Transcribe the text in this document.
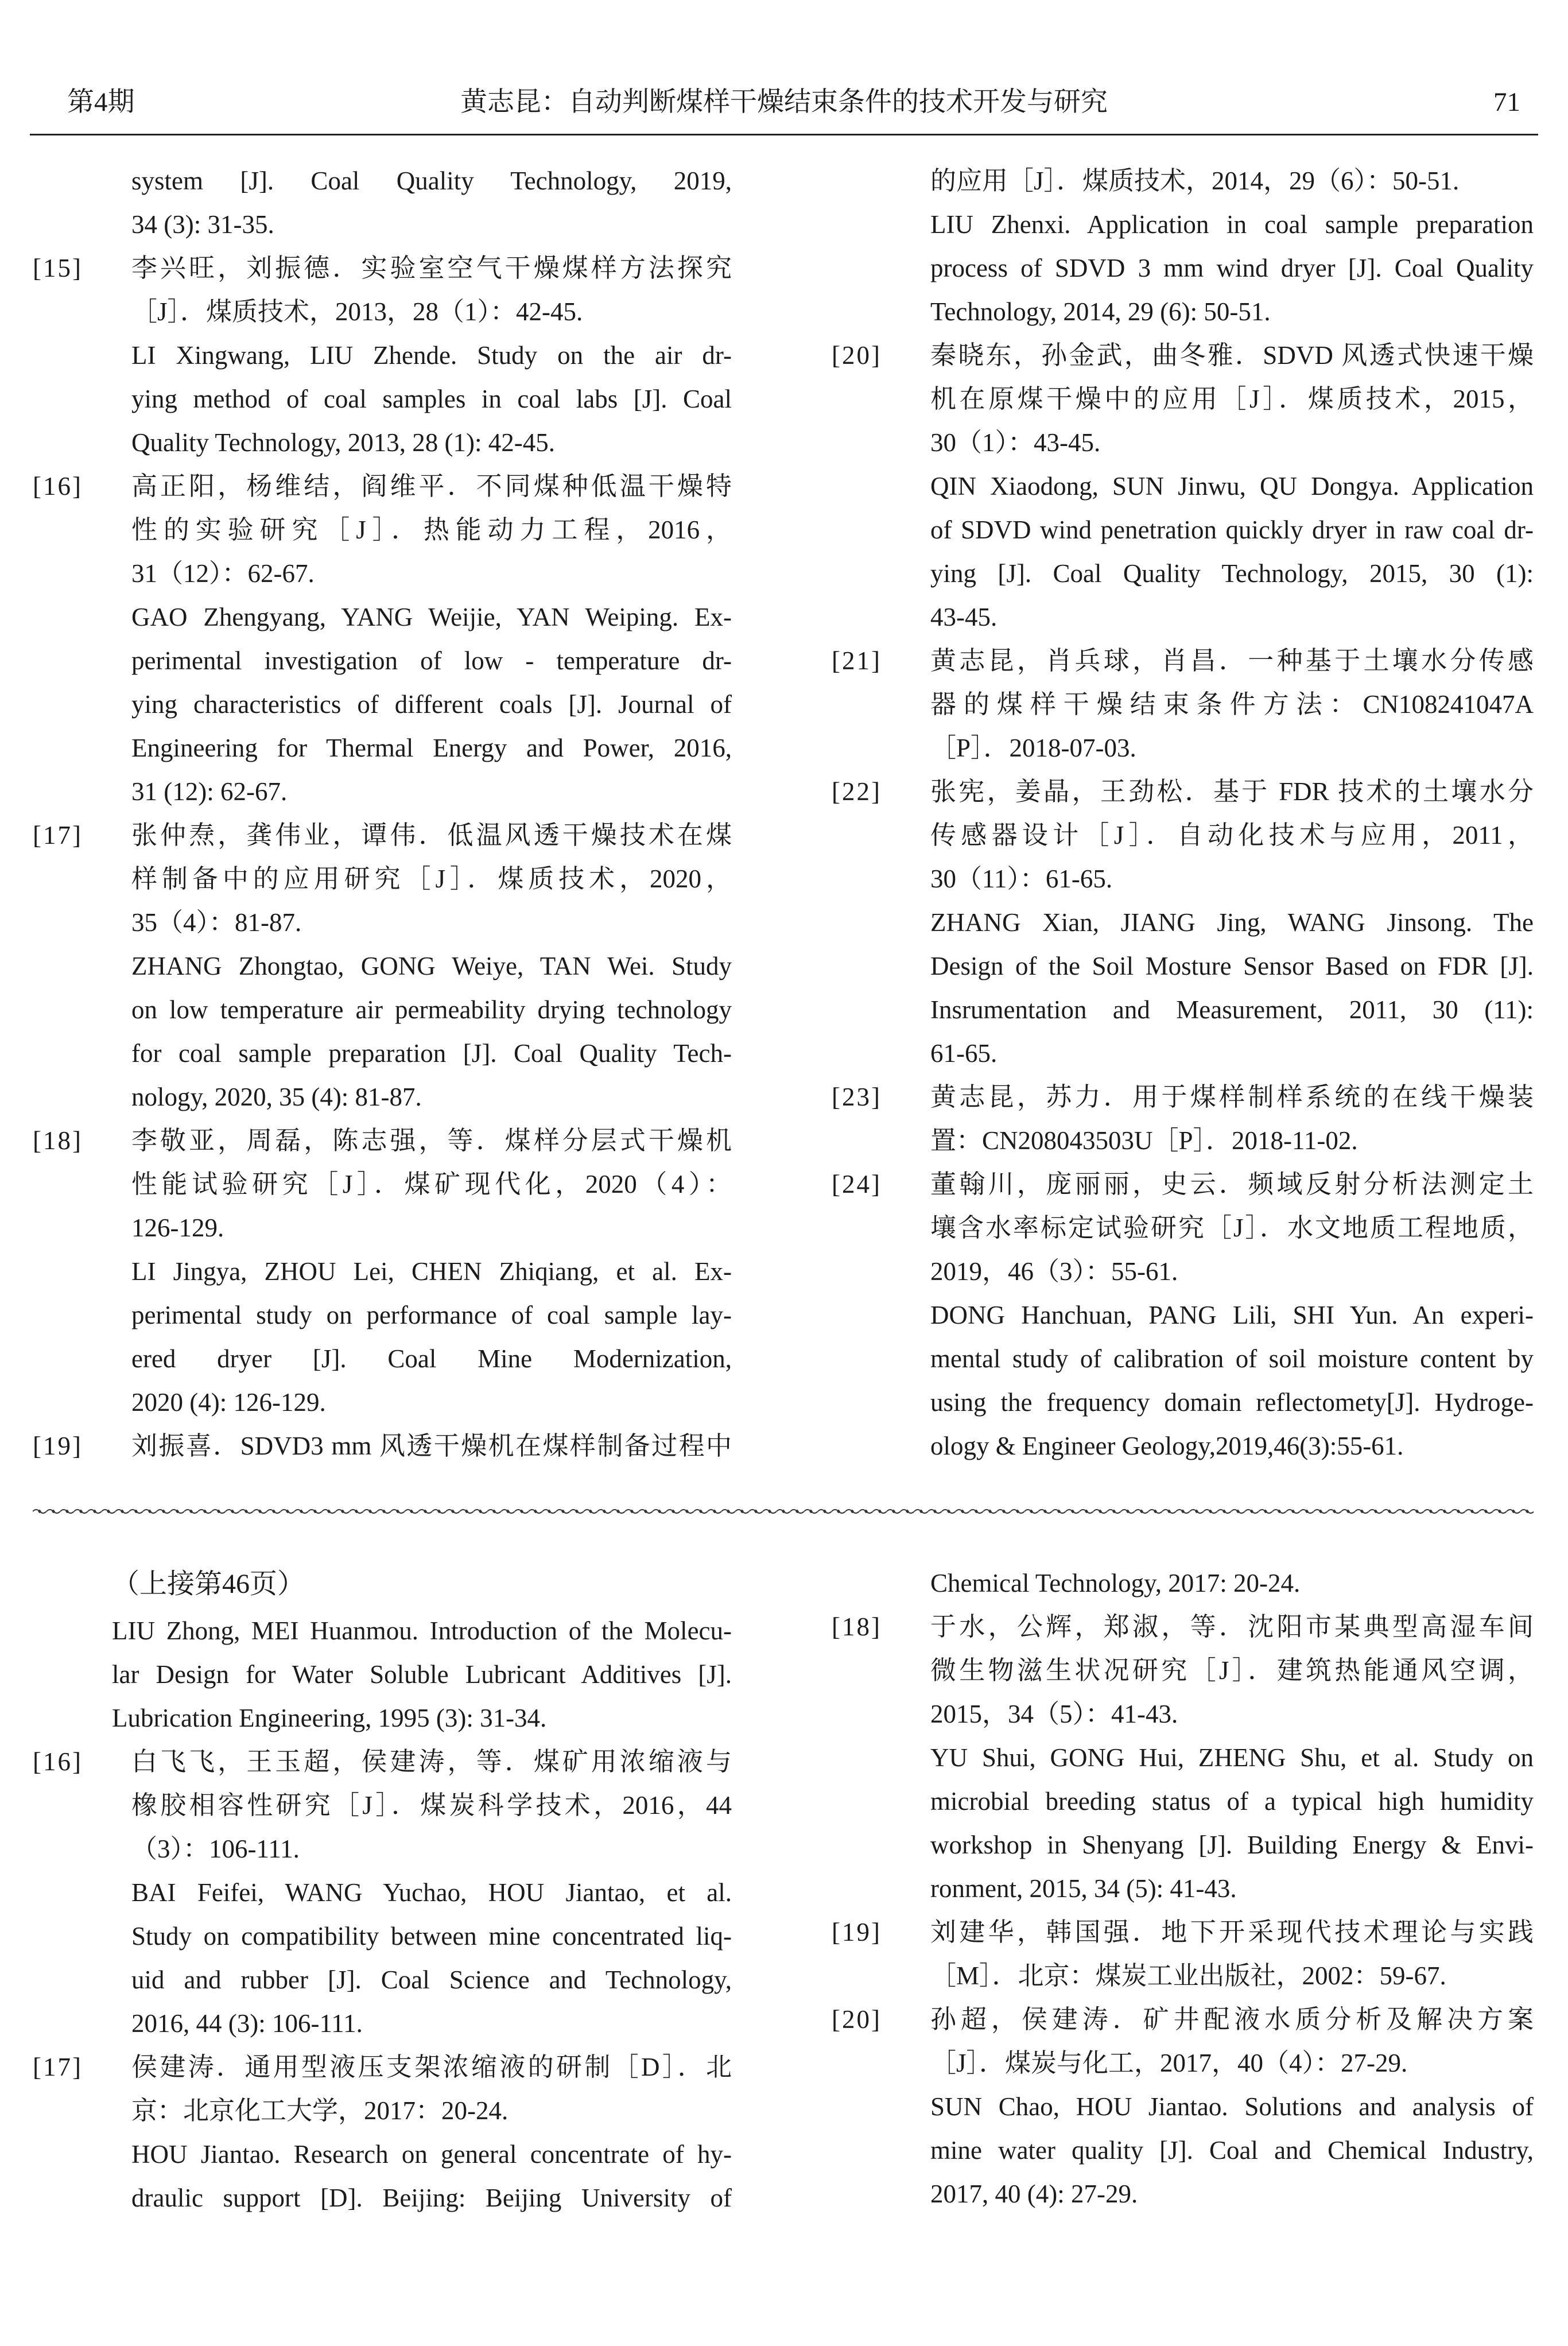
第4期	黄志昆：自动判断煤样干燥结束条件的技术开发与研究	71
system [J]. Coal Quality Technology, 2019,
34 (3): 31-35.
[15]	李兴旺，刘振德．实验室空气干燥煤样方法探究
［J］．煤质技术，2013，28（1）：42-45.
LI Xingwang, LIU Zhende. Study on the air dr-
ying method of coal samples in coal labs [J]. Coal
Quality Technology, 2013, 28 (1): 42-45.
[16]	高正阳，杨维结，阎维平．不同煤种低温干燥特
性的实验研究［J］．热能动力工程，2016，
31（12）：62-67.
GAO Zhengyang, YANG Weijie, YAN Weiping. Ex-
perimental investigation of low - temperature dr-
ying characteristics of different coals [J]. Journal of
Engineering for Thermal Energy and Power, 2016,
31 (12): 62-67.
[17]	张仲焘，龚伟业，谭伟．低温风透干燥技术在煤
样制备中的应用研究［J］．煤质技术，2020，
35（4）：81-87.
ZHANG Zhongtao, GONG Weiye, TAN Wei. Study
on low temperature air permeability drying technology
for coal sample preparation [J]. Coal Quality Tech-
nology, 2020, 35 (4): 81-87.
[18]	李敬亚，周磊，陈志强，等．煤样分层式干燥机
性能试验研究［J］．煤矿现代化，2020（4）：
126-129.
LI Jingya, ZHOU Lei, CHEN Zhiqiang, et al. Ex-
perimental study on performance of coal sample lay-
ered dryer [J]. Coal Mine Modernization,
2020 (4): 126-129.
[19]	刘振喜．SDVD3 mm 风透干燥机在煤样制备过程中
的应用［J］．煤质技术，2014，29（6）：50-51.
LIU Zhenxi. Application in coal sample preparation
process of SDVD 3 mm wind dryer [J]. Coal Quality
Technology, 2014, 29 (6): 50-51.
[20]	秦晓东，孙金武，曲冬雅．SDVD 风透式快速干燥
机在原煤干燥中的应用［J］．煤质技术，2015，
30（1）：43-45.
QIN Xiaodong, SUN Jinwu, QU Dongya. Application
of SDVD wind penetration quickly dryer in raw coal dr-
ying [J]. Coal Quality Technology, 2015, 30 (1):
43-45.
[21]	黄志昆，肖兵球，肖昌．一种基于土壤水分传感
器的煤样干燥结束条件方法：CN108241047A
［P］．2018-07-03.
[22]	张宪，姜晶，王劲松．基于 FDR 技术的土壤水分
传感器设计［J］．自动化技术与应用，2011，
30（11）：61-65.
ZHANG Xian, JIANG Jing, WANG Jinsong. The
Design of the Soil Mosture Sensor Based on FDR [J].
Insrumentation and Measurement, 2011, 30 (11):
61-65.
[23]	黄志昆，苏力．用于煤样制样系统的在线干燥装
置：CN208043503U［P］．2018-11-02.
[24]	董翰川，庞丽丽，史云．频域反射分析法测定土
壤含水率标定试验研究［J］．水文地质工程地质，
2019，46（3）：55-61.
DONG Hanchuan, PANG Lili, SHI Yun. An experi-
mental study of calibration of soil moisture content by
using the frequency domain reflectomety[J]. Hydroge-
ology & Engineer Geology,2019,46(3):55-61.
（上接第46页）
LIU Zhong, MEI Huanmou. Introduction of the Molecu-
lar Design for Water Soluble Lubricant Additives [J].
Lubrication Engineering, 1995 (3): 31-34.
[16]	白飞飞，王玉超，侯建涛，等．煤矿用浓缩液与
橡胶相容性研究［J］．煤炭科学技术，2016，44
（3）：106-111.
BAI Feifei, WANG Yuchao, HOU Jiantao, et al.
Study on compatibility between mine concentrated liq-
uid and rubber [J]. Coal Science and Technology,
2016, 44 (3): 106-111.
[17]	侯建涛．通用型液压支架浓缩液的研制［D］．北
京：北京化工大学，2017：20-24.
HOU Jiantao. Research on general concentrate of hy-
draulic support [D]. Beijing: Beijing University of
Chemical Technology, 2017: 20-24.
[18]	于水，公辉，郑淑，等．沈阳市某典型高湿车间
微生物滋生状况研究［J］．建筑热能通风空调，
2015，34（5）：41-43.
YU Shui, GONG Hui, ZHENG Shu, et al. Study on
microbial breeding status of a typical high humidity
workshop in Shenyang [J]. Building Energy & Envi-
ronment, 2015, 34 (5): 41-43.
[19]	刘建华，韩国强．地下开采现代技术理论与实践
［M］．北京：煤炭工业出版社，2002：59-67.
[20]	孙超，侯建涛．矿井配液水质分析及解决方案
［J］．煤炭与化工，2017，40（4）：27-29.
SUN Chao, HOU Jiantao. Solutions and analysis of
mine water quality [J]. Coal and Chemical Industry,
2017, 40 (4): 27-29.
